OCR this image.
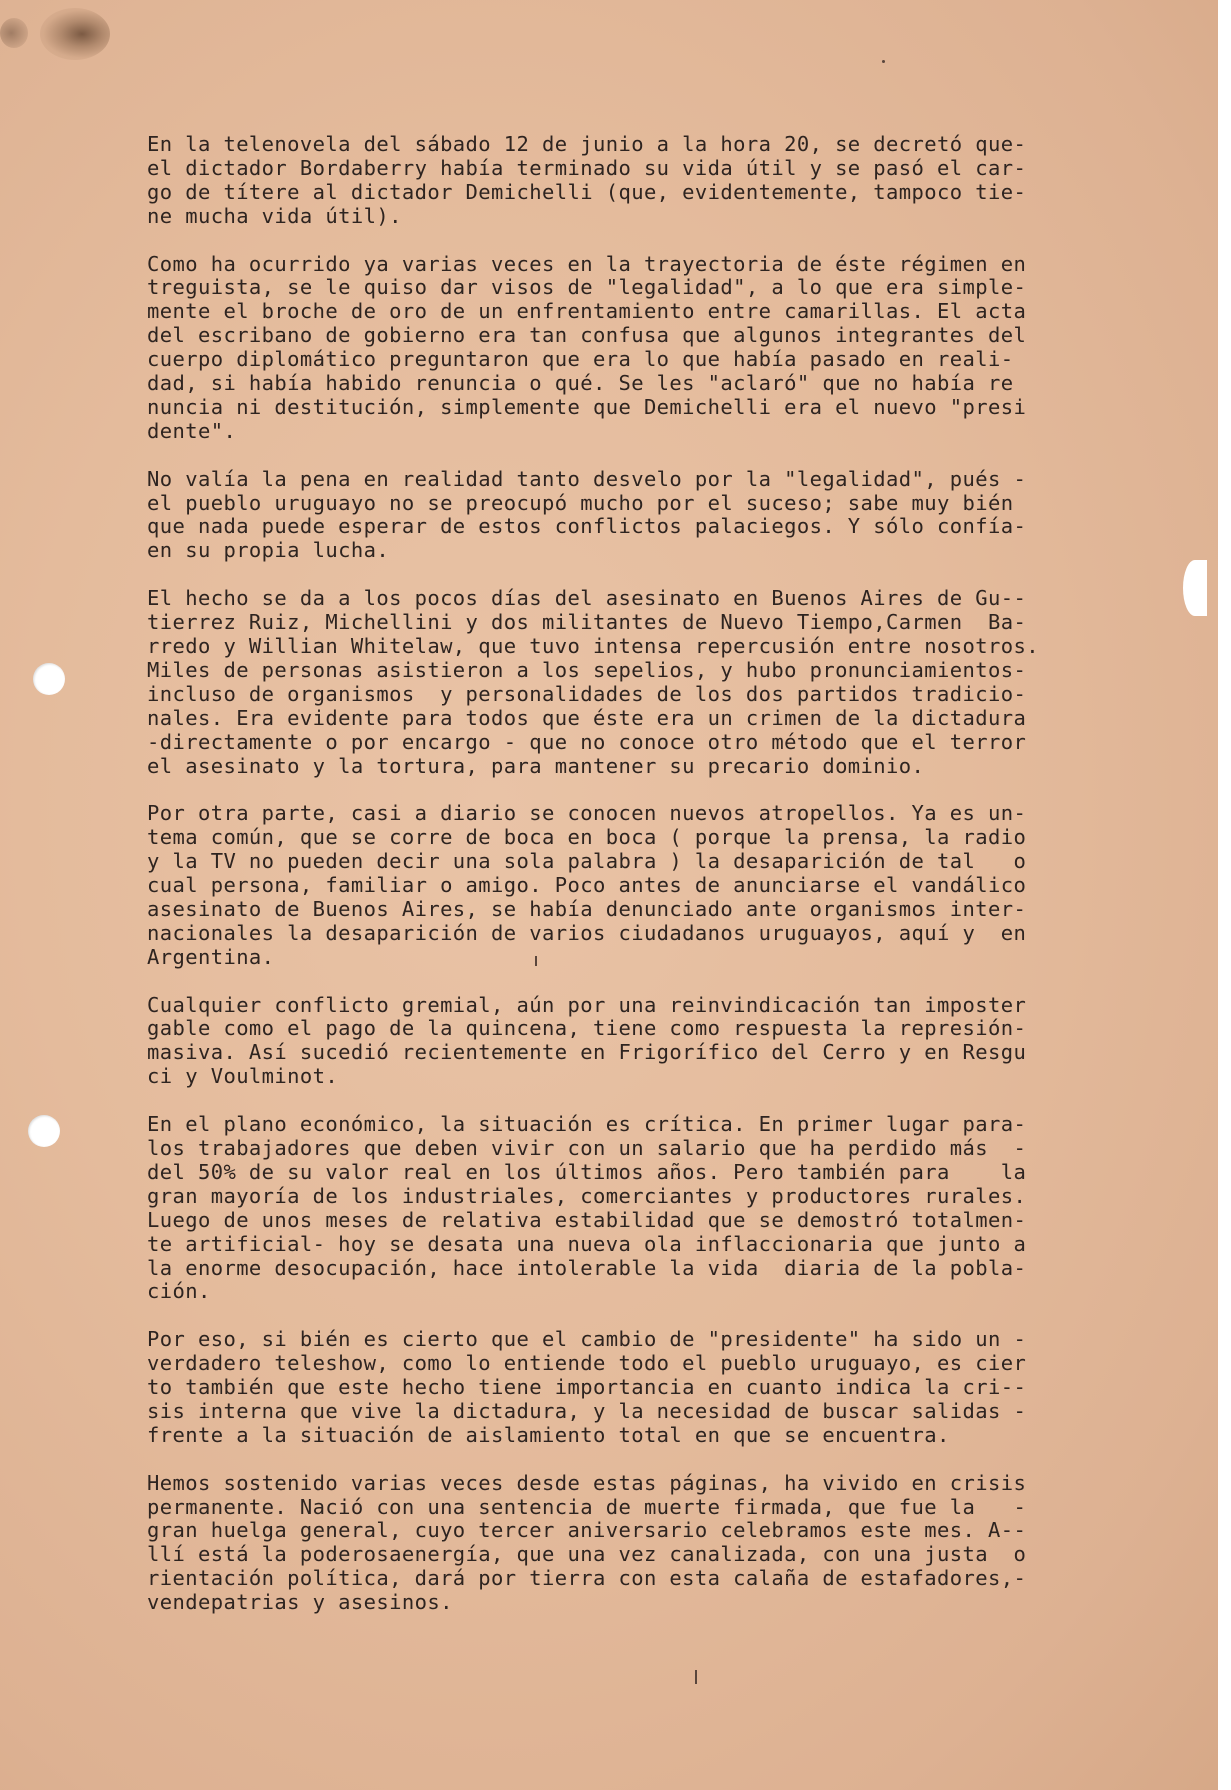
En la telenovela del sábado 12 de junio a la hora 20, se decretó que-
el dictador Bordaberry había terminado su vida útil y se pasó el car-
go de títere al dictador Demichelli (que, evidentemente, tampoco tie-
ne mucha vida útil).
Como ha ocurrido ya varias veces en la trayectoria de éste régimen en
treguista, se le quiso dar visos de "legalidad", a lo que era simple-
mente el broche de oro de un enfrentamiento entre camarillas. El acta
del escribano de gobierno era tan confusa que algunos integrantes del
cuerpo diplomático preguntaron que era lo que había pasado en reali-
dad, si había habido renuncia o qué. Se les "aclaró" que no había re
nuncia ni destitución, simplemente que Demichelli era el nuevo "presi
dente".
No valía la pena en realidad tanto desvelo por la "legalidad", pués -
el pueblo uruguayo no se preocupó mucho por el suceso; sabe muy bién
que nada puede esperar de estos conflictos palaciegos. Y sólo confía-
en su propia lucha.
El hecho se da a los pocos días del asesinato en Buenos Aires de Gu--
tierrez Ruiz, Michellini y dos militantes de Nuevo Tiempo,Carmen  Ba-
rredo y Willian Whitelaw, que tuvo intensa repercusión entre nosotros.
Miles de personas asistieron a los sepelios, y hubo pronunciamientos-
incluso de organismos  y personalidades de los dos partidos tradicio-
nales. Era evidente para todos que éste era un crimen de la dictadura
-directamente o por encargo - que no conoce otro método que el terror
el asesinato y la tortura, para mantener su precario dominio.
Por otra parte, casi a diario se conocen nuevos atropellos. Ya es un-
tema común, que se corre de boca en boca ( porque la prensa, la radio
y la TV no pueden decir una sola palabra ) la desaparición de tal   o
cual persona, familiar o amigo. Poco antes de anunciarse el vandálico
asesinato de Buenos Aires, se había denunciado ante organismos inter-
nacionales la desaparición de varios ciudadanos uruguayos, aquí y  en
Argentina.
Cualquier conflicto gremial, aún por una reinvindicación tan imposter
gable como el pago de la quincena, tiene como respuesta la represión-
masiva. Así sucedió recientemente en Frigorífico del Cerro y en Resgu
ci y Voulminot.
En el plano económico, la situación es crítica. En primer lugar para-
los trabajadores que deben vivir con un salario que ha perdido más  -
del 50% de su valor real en los últimos años. Pero también para    la
gran mayoría de los industriales, comerciantes y productores rurales.
Luego de unos meses de relativa estabilidad que se demostró totalmen-
te artificial- hoy se desata una nueva ola inflaccionaria que junto a
la enorme desocupación, hace intolerable la vida  diaria de la pobla-
ción.
Por eso, si bién es cierto que el cambio de "presidente" ha sido un -
verdadero teleshow, como lo entiende todo el pueblo uruguayo, es cier
to también que este hecho tiene importancia en cuanto indica la cri--
sis interna que vive la dictadura, y la necesidad de buscar salidas -
frente a la situación de aislamiento total en que se encuentra.
Hemos sostenido varias veces desde estas páginas, ha vivido en crisis
permanente. Nació con una sentencia de muerte firmada, que fue la   -
gran huelga general, cuyo tercer aniversario celebramos este mes. A--
llí está la poderosaenergía, que una vez canalizada, con una justa  o
rientación política, dará por tierra con esta calaña de estafadores,-
vendepatrias y asesinos.
